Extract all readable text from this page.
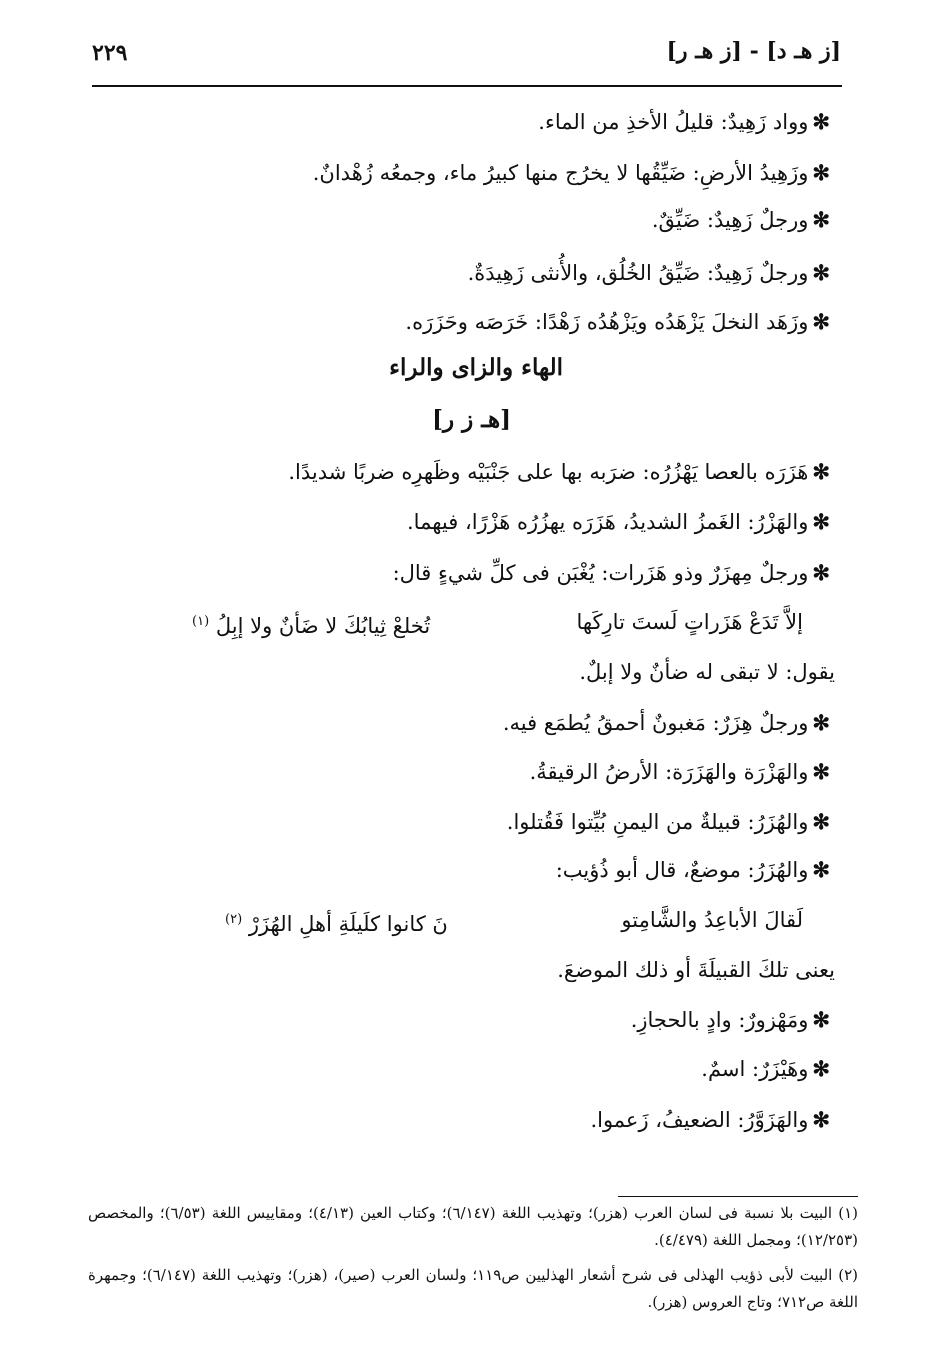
[ز هـ د] - [ز هـ ر]
٢٢٩
✻وواد زَهِيدٌ: قليلُ الأخذِ من الماء.
✻وزَهِيدُ الأرضِ: ضَيِّقُها لا يخرُج منها كبيرُ ماء، وجمعُه زُهْدانٌ.
✻ورجلٌ زَهِيدٌ: ضَيِّقٌ.
✻ورجلٌ زَهِيدٌ: ضَيِّقُ الخُلُق، والأُنثى زَهِيدَةٌ.
✻وزَهَد النخلَ يَزْهَدُه ويَزْهُدُه زَهْدًا: خَرَصَه وحَزَرَه.
الهاء والزاى والراء
[هـ ز ر]
✻هَزَرَه بالعصا يَهْزُرُه: ضرَبه بها على جَنْبَيْه وظَهرِه ضربًا شديدًا.
✻والهَزْرُ: الغَمزُ الشديدُ، هَزَرَه يهزُرُه هَزْرًا، فيهما.
✻ورجلٌ مِهزَرٌ وذو هَزَرات: يُغْبَن فى كلِّ شيءٍ قال:
إلاَّ تَدَعْ هَزَراتٍ لَستَ تارِكَها
تُخلعْ ثِيابُكَ لا ضَأنٌ ولا إبِلُ $^{(١)}$
يقول: لا تبقى له ضأنٌ ولا إبلٌ.
✻ورجلٌ هِزَرٌ: مَغبونٌ أحمقُ يُطمَع فيه.
✻والهَزْرَة والهَزَرَة: الأرضُ الرقيقةُ.
✻والهُزَرُ: قبيلةٌ من اليمنِ بُيِّتوا فَقُتلوا.
✻والهُزَرُ: موضعٌ، قال أبو ذُؤيب:
لَقالَ الأباعِدُ والشَّامِتو
نَ كانوا كلَيلَةِ أهلِ الهُزَرْ $^{(٢)}$
يعنى تلكَ القبيلَةَ أو ذلك الموضعَ.
✻ومَهْزورٌ: وادٍ بالحجازِ.
✻وهَيْزَرٌ: اسمٌ.
✻والهَزَوَّرُ: الضعيفُ، زَعموا.
(١) البيت بلا نسبة فى لسان العرب (هزر)؛ وتهذيب اللغة (٦/١٤٧)؛ وكتاب العين (٤/١٣)؛ ومقاييس اللغة (٦/٥٣)؛ والمخصص (١٢/٢٥٣)؛ ومجمل اللغة (٤/٤٧٩).
(٢) البيت لأبى ذؤيب الهذلى فى شرح أشعار الهذليين ص١١٩؛ ولسان العرب (صير)، (هزر)؛ وتهذيب اللغة (٦/١٤٧)؛ وجمهرة اللغة ص٧١٢؛ وتاج العروس (هزر).
